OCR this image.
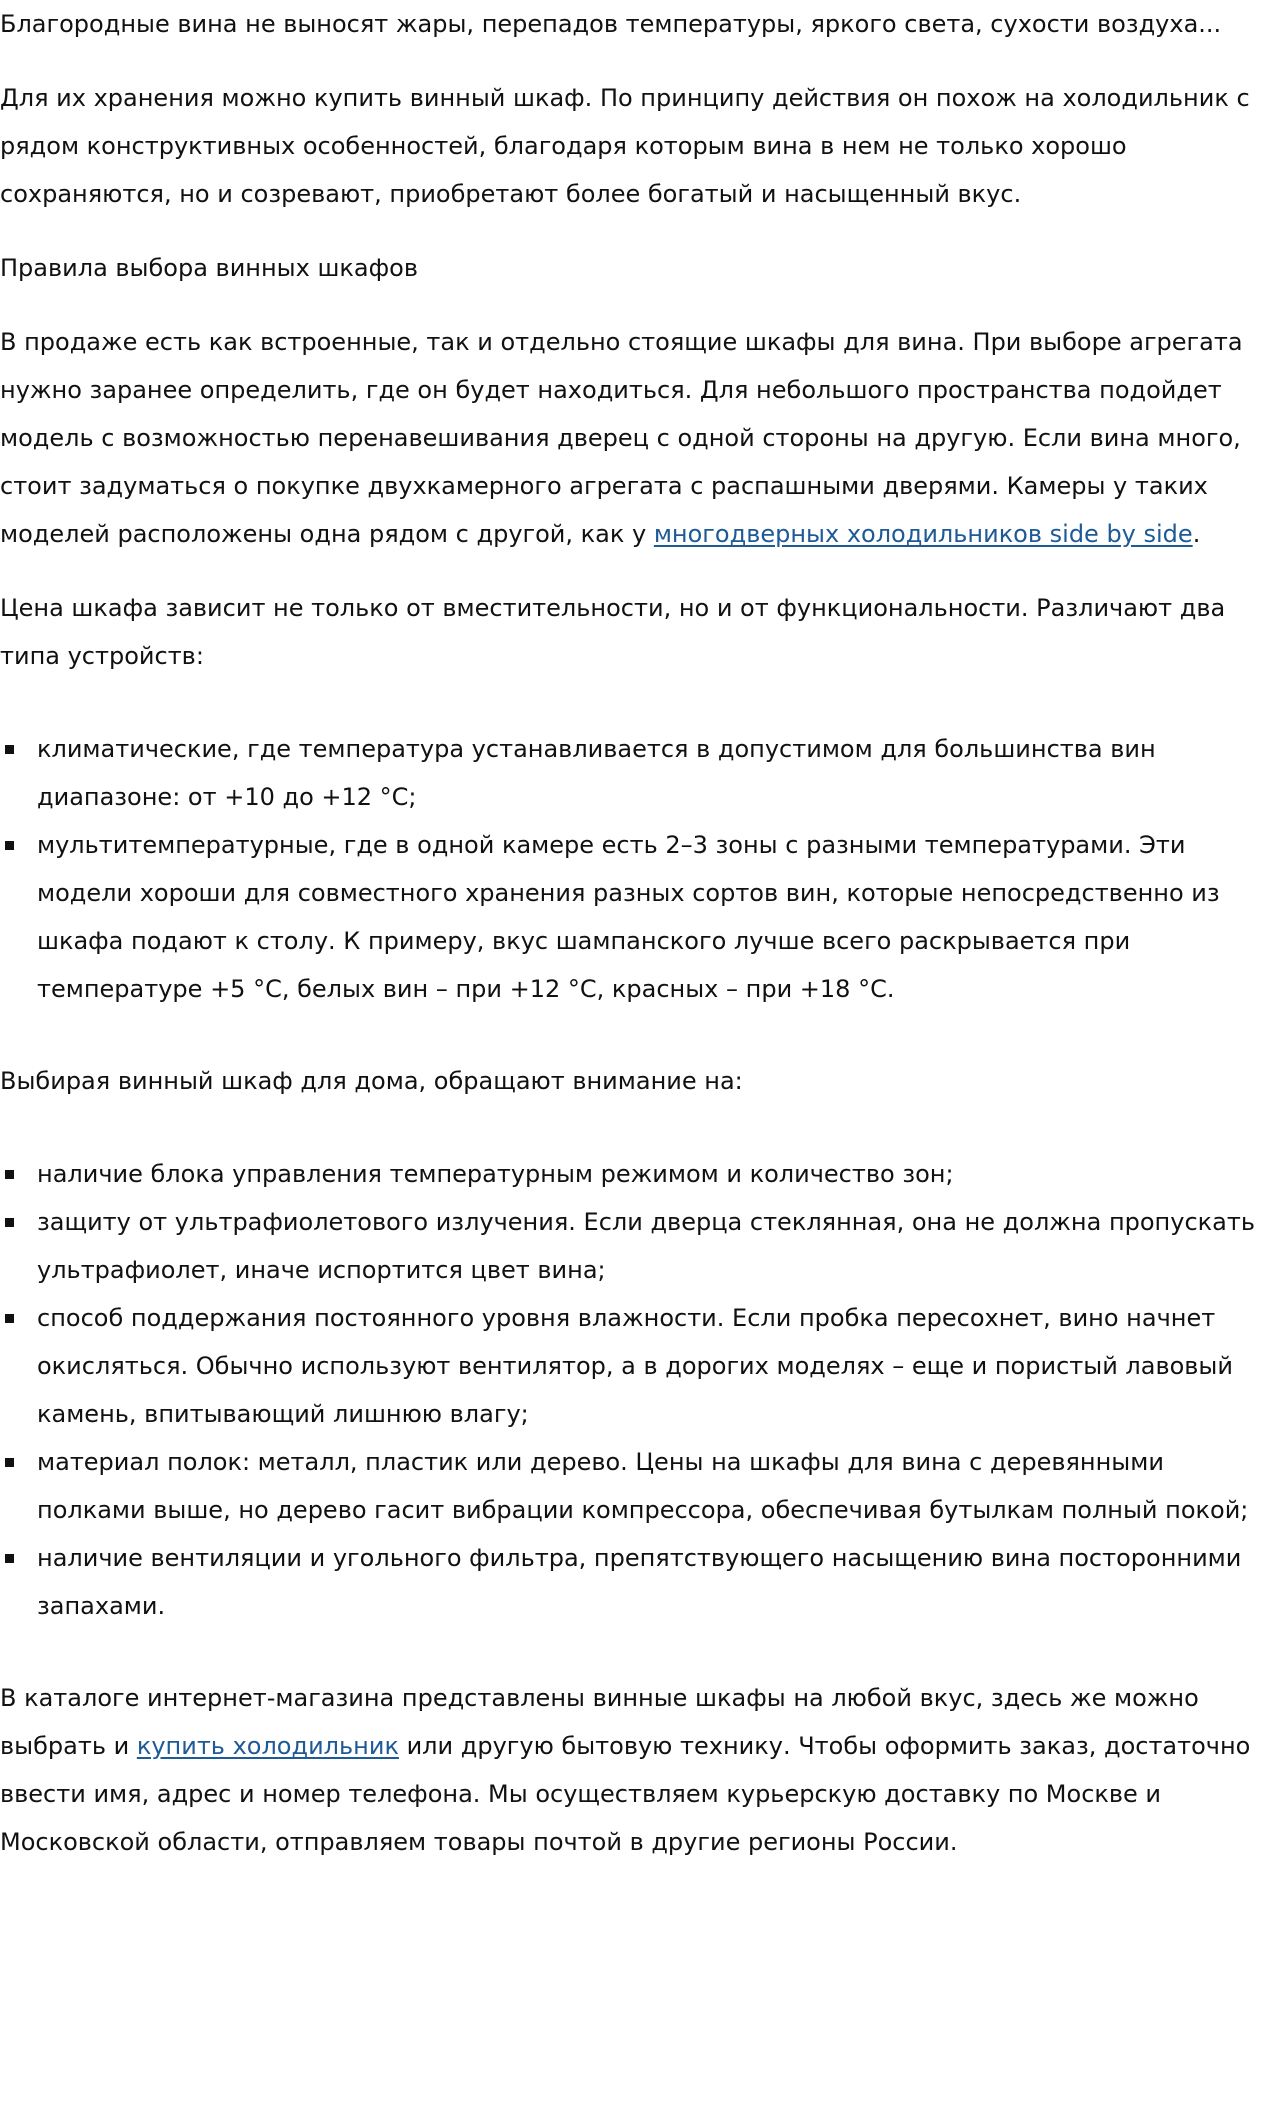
Благородные вина не выносят жары, перепадов температуры, яркого света, сухости воздуха...

Для их хранения можно купить винный шкаф. По принципу действия он похож на холодильник с рядом конструктивных особенностей, благодаря которым вина в нем не только хорошо сохраняются, но и созревают, приобретают более богатый и насыщенный вкус.

Правила выбора винных шкафов

В продаже есть как встроенные, так и отдельно стоящие шкафы для вина. При выборе агрегата нужно заранее определить, где он будет находиться. Для небольшого пространства подойдет модель с возможностью перенавешивания дверец с одной стороны на другую. Если вина много, стоит задуматься о покупке двухкамерного агрегата с распашными дверями. Камеры у таких моделей расположены одна рядом с другой, как у многодверных холодильников side by side.

Цена шкафа зависит не только от вместительности, но и от функциональности. Различают два типа устройств:

климатические, где температура устанавливается в допустимом для большинства вин диапазоне: от +10 до +12 °C;
мультитемпературные, где в одной камере есть 2–3 зоны с разными температурами. Эти модели хороши для совместного хранения разных сортов вин, которые непосредственно из шкафа подают к столу. К примеру, вкус шампанского лучше всего раскрывается при температуре +5 °C, белых вин – при +12 °C, красных – при +18 °C.

Выбирая винный шкаф для дома, обращают внимание на:

наличие блока управления температурным режимом и количество зон;
защиту от ультрафиолетового излучения. Если дверца стеклянная, она не должна пропускать ультрафиолет, иначе испортится цвет вина;
способ поддержания постоянного уровня влажности. Если пробка пересохнет, вино начнет окисляться. Обычно используют вентилятор, а в дорогих моделях – еще и пористый лавовый камень, впитывающий лишнюю влагу;
материал полок: металл, пластик или дерево. Цены на шкафы для вина с деревянными полками выше, но дерево гасит вибрации компрессора, обеспечивая бутылкам полный покой;
наличие вентиляции и угольного фильтра, препятствующего насыщению вина посторонними запахами.

В каталоге интернет-магазина представлены винные шкафы на любой вкус, здесь же можно выбрать и купить холодильник или другую бытовую технику. Чтобы оформить заказ, достаточно ввести имя, адрес и номер телефона. Мы осуществляем курьерскую доставку по Москве и Московской области, отправляем товары почтой в другие регионы России.
